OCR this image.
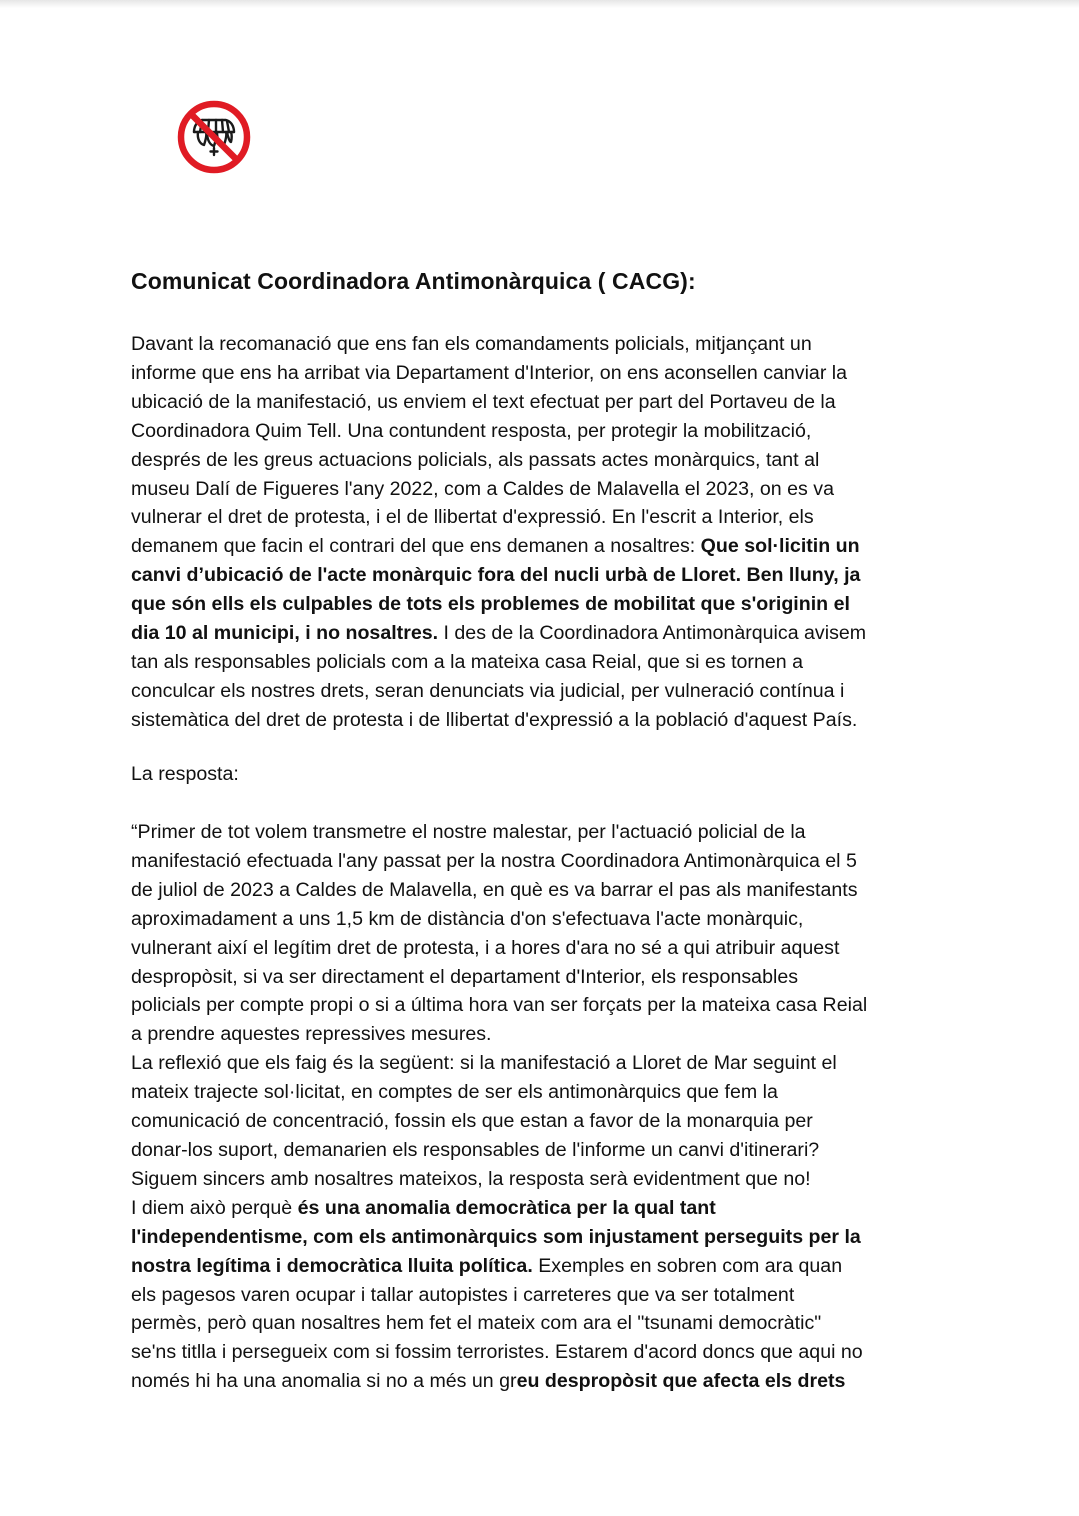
Comunicat Coordinadora Antimonàrquica ( CACG):

Davant la recomanació que ens fan els comandaments policials, mitjançant un
informe que ens ha arribat via Departament d'Interior, on ens aconsellen canviar la
ubicació de la manifestació, us enviem el text efectuat per part del Portaveu de la
Coordinadora Quim Tell. Una contundent resposta, per protegir la mobilització,
després de les greus actuacions policials, als passats actes monàrquics, tant al
museu Dalí de Figueres l'any 2022, com a Caldes de Malavella el 2023, on es va
vulnerar el dret de protesta, i el de llibertat d'expressió. En l'escrit a Interior, els
demanem que facin el contrari del que ens demanen a nosaltres: Que sol·licitin un
canvi d’ubicació de l'acte monàrquic fora del nucli urbà de Lloret. Ben lluny, ja
que són ells els culpables de tots els problemes de mobilitat que s'originin el
dia 10 al municipi, i no nosaltres. I des de la Coordinadora Antimonàrquica avisem
tan als responsables policials com a la mateixa casa Reial, que si es tornen a
conculcar els nostres drets, seran denunciats via judicial, per vulneració contínua i
sistemàtica del dret de protesta i de llibertat d'expressió a la població d'aquest País.

La resposta:

“Primer de tot volem transmetre el nostre malestar, per l'actuació policial de la
manifestació efectuada l'any passat per la nostra Coordinadora Antimonàrquica el 5
de juliol de 2023 a Caldes de Malavella, en què es va barrar el pas als manifestants
aproximadament a uns 1,5 km de distància d'on s'efectuava l'acte monàrquic,
vulnerant així el legítim dret de protesta, i a hores d'ara no sé a qui atribuir aquest
despropòsit, si va ser directament el departament d'Interior, els responsables
policials per compte propi o si a última hora van ser forçats per la mateixa casa Reial
a prendre aquestes repressives mesures.
La reflexió que els faig és la següent: si la manifestació a Lloret de Mar seguint el
mateix trajecte sol·licitat, en comptes de ser els antimonàrquics que fem la
comunicació de concentració, fossin els que estan a favor de la monarquia per
donar-los suport, demanarien els responsables de l'informe un canvi d'itinerari?
Siguem sincers amb nosaltres mateixos, la resposta serà evidentment que no!
I diem això perquè és una anomalia democràtica per la qual tant
l'independentisme, com els antimonàrquics som injustament perseguits per la
nostra legítima i democràtica lluita política. Exemples en sobren com ara quan
els pagesos varen ocupar i tallar autopistes i carreteres que va ser totalment
permès, però quan nosaltres hem fet el mateix com ara el "tsunami democràtic"
se'ns titlla i persegueix com si fossim terroristes. Estarem d'acord doncs que aqui no
només hi ha una anomalia si no a més un greu despropòsit que afecta els drets
